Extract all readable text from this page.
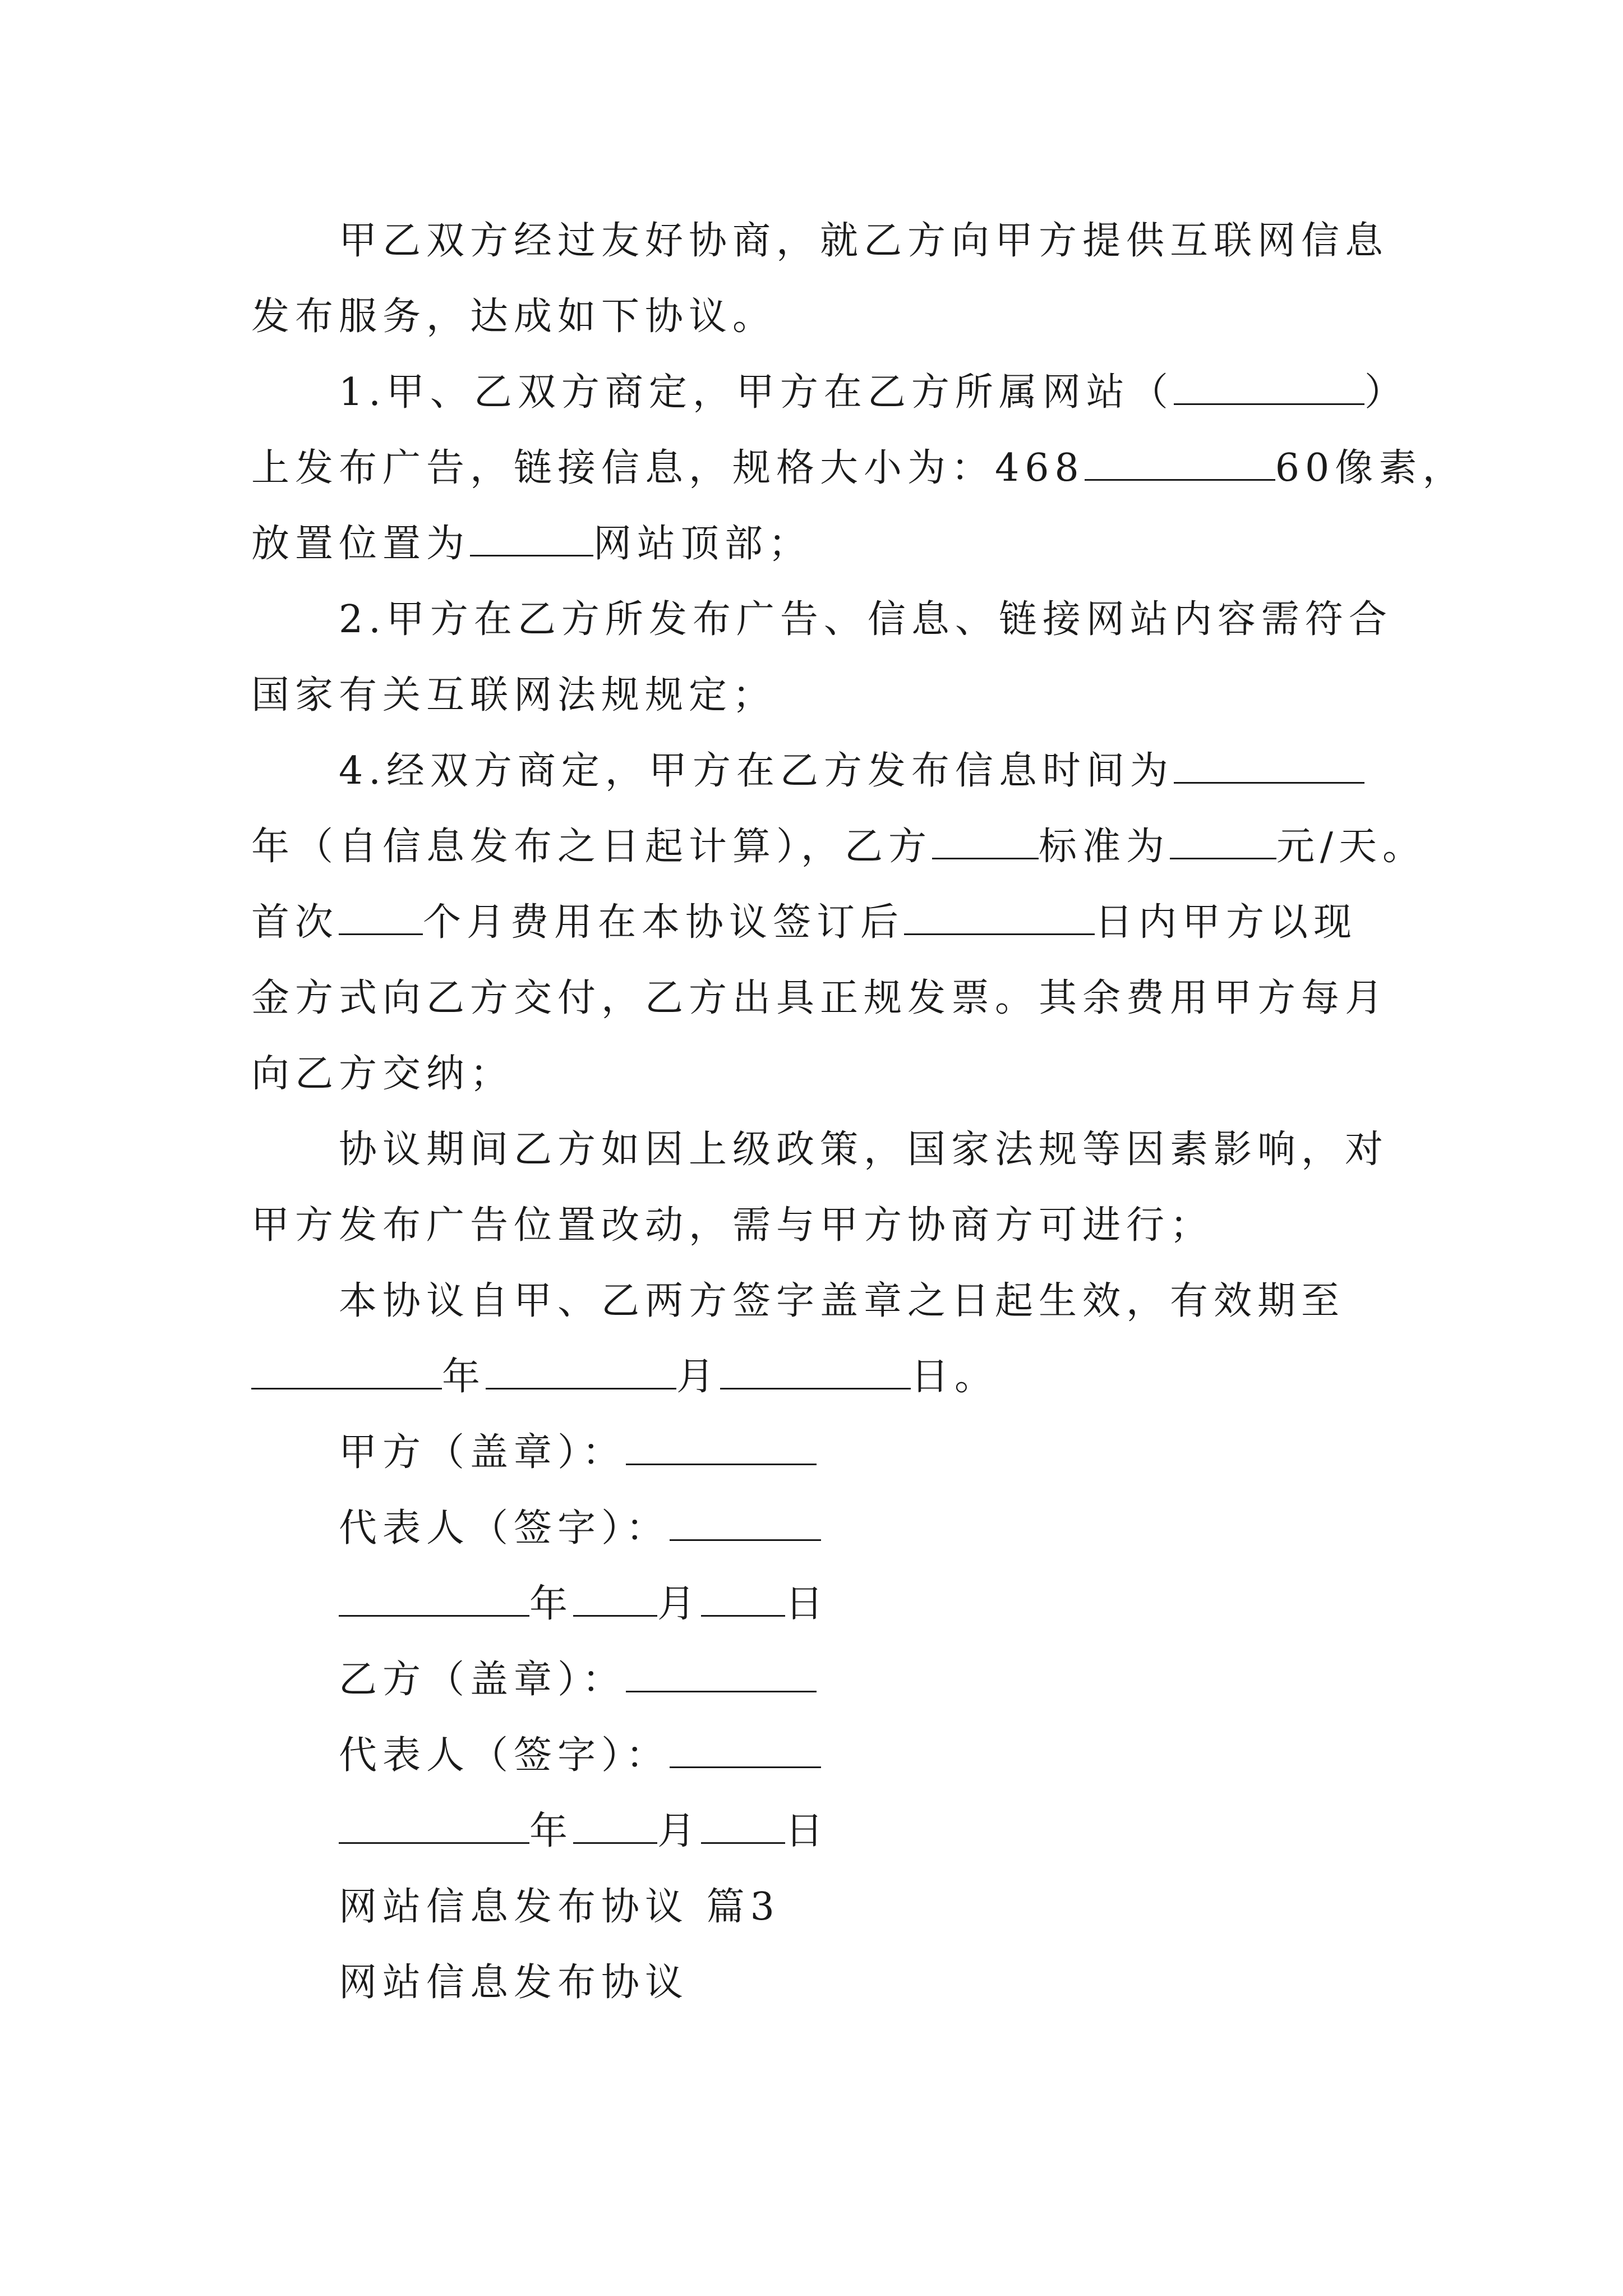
甲乙双方经过友好协商，就乙方向甲方提供互联网信息
发布服务，达成如下协议。
1.甲、乙双方商定，甲方在乙方所属网站（	）
上发布广告，链接信息，规格大小为：468	60像素，
放置位置为	网站顶部；
2.甲方在乙方所发布广告、信息、链接网站内容需符合
国家有关互联网法规规定；
4.经双方商定，甲方在乙方发布信息时间为
年（自信息发布之日起计算），乙方	标准为	元/天。
首次 个月费用在本协议签订后	日内甲方以现
金方式向乙方交付，乙方出具正规发票。其余费用甲方每月
向乙方交纳；
协议期间乙方如因上级政策，国家法规等因素影响，对
甲方发布广告位置改动，需与甲方协商方可进行；
本协议自甲、乙两方签字盖章之日起生效，有效期至
年	月	日。
甲方（盖章）：
代表人（签字）：
年 月 日
乙方（盖章）：
代表人（签字）：
年 月 日
网站信息发布协议 篇3
网站信息发布协议
